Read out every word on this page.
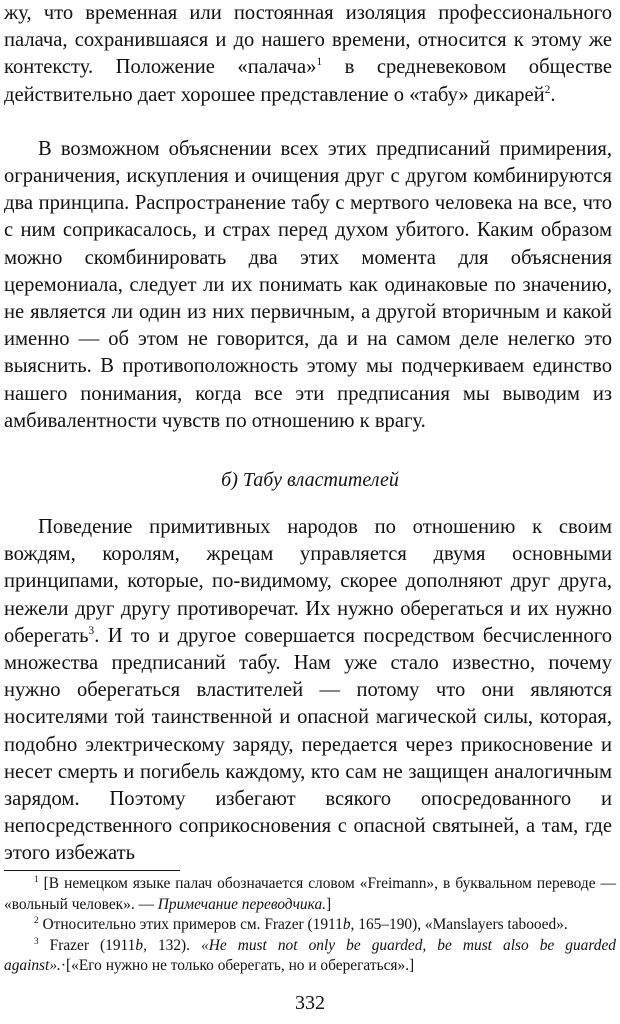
жу, что временная или постоянная изоляция профессионального палача, сохранившаяся и до нашего времени, относится к этому же контексту. Положение «палача»$^1$ в средневековом обществе действительно дает хорошее представление о «табу» дикарей$^2$.

В возможном объяснении всех этих предписаний примирения, ограничения, искупления и очищения друг с другом комбинируются два принципа. Распространение табу с мертвого человека на все, что с ним соприкасалось, и страх перед духом убитого. Каким образом можно скомбинировать два этих момента для объяснения церемониала, следует ли их понимать как одинаковые по значению, не является ли один из них первичным, а другой вторичным и какой именно — об этом не говорится, да и на самом деле нелегко это выяснить. В противоположность этому мы подчеркиваем единство нашего понимания, когда все эти предписания мы выводим из амбивалентности чувств по отношению к врагу.

б) Табу властителей

Поведение примитивных народов по отношению к своим вождям, королям, жрецам управляется двумя основными принципами, которые, по-видимому, скорее дополняют друг друга, нежели друг другу противоречат. Их нужно оберегаться и их нужно оберегать$^3$. И то и другое совершается посредством бесчисленного множества предписаний табу. Нам уже стало известно, почему нужно оберегаться властителей — потому что они являются носителями той таинственной и опасной магической силы, которая, подобно электрическому заряду, передается через прикосновение и несет смерть и погибель каждому, кто сам не защищен аналогичным зарядом. Поэтому избегают всякого опосредованного и непосредственного соприкосновения с опасной святыней, а там, где этого избежать

$^1$ [В немецком языке палач обозначается словом «Freimann», в буквальном переводе — «вольный человек». — Примечание переводчика.]

$^2$ Относительно этих примеров см. Frazer (1911b, 165–190), «Manslayers tabooed».

$^3$ Frazer (1911b, 132). «He must not only be guarded, be must also be guarded against».·[«Его нужно не только оберегать, но и оберегаться».]

332
